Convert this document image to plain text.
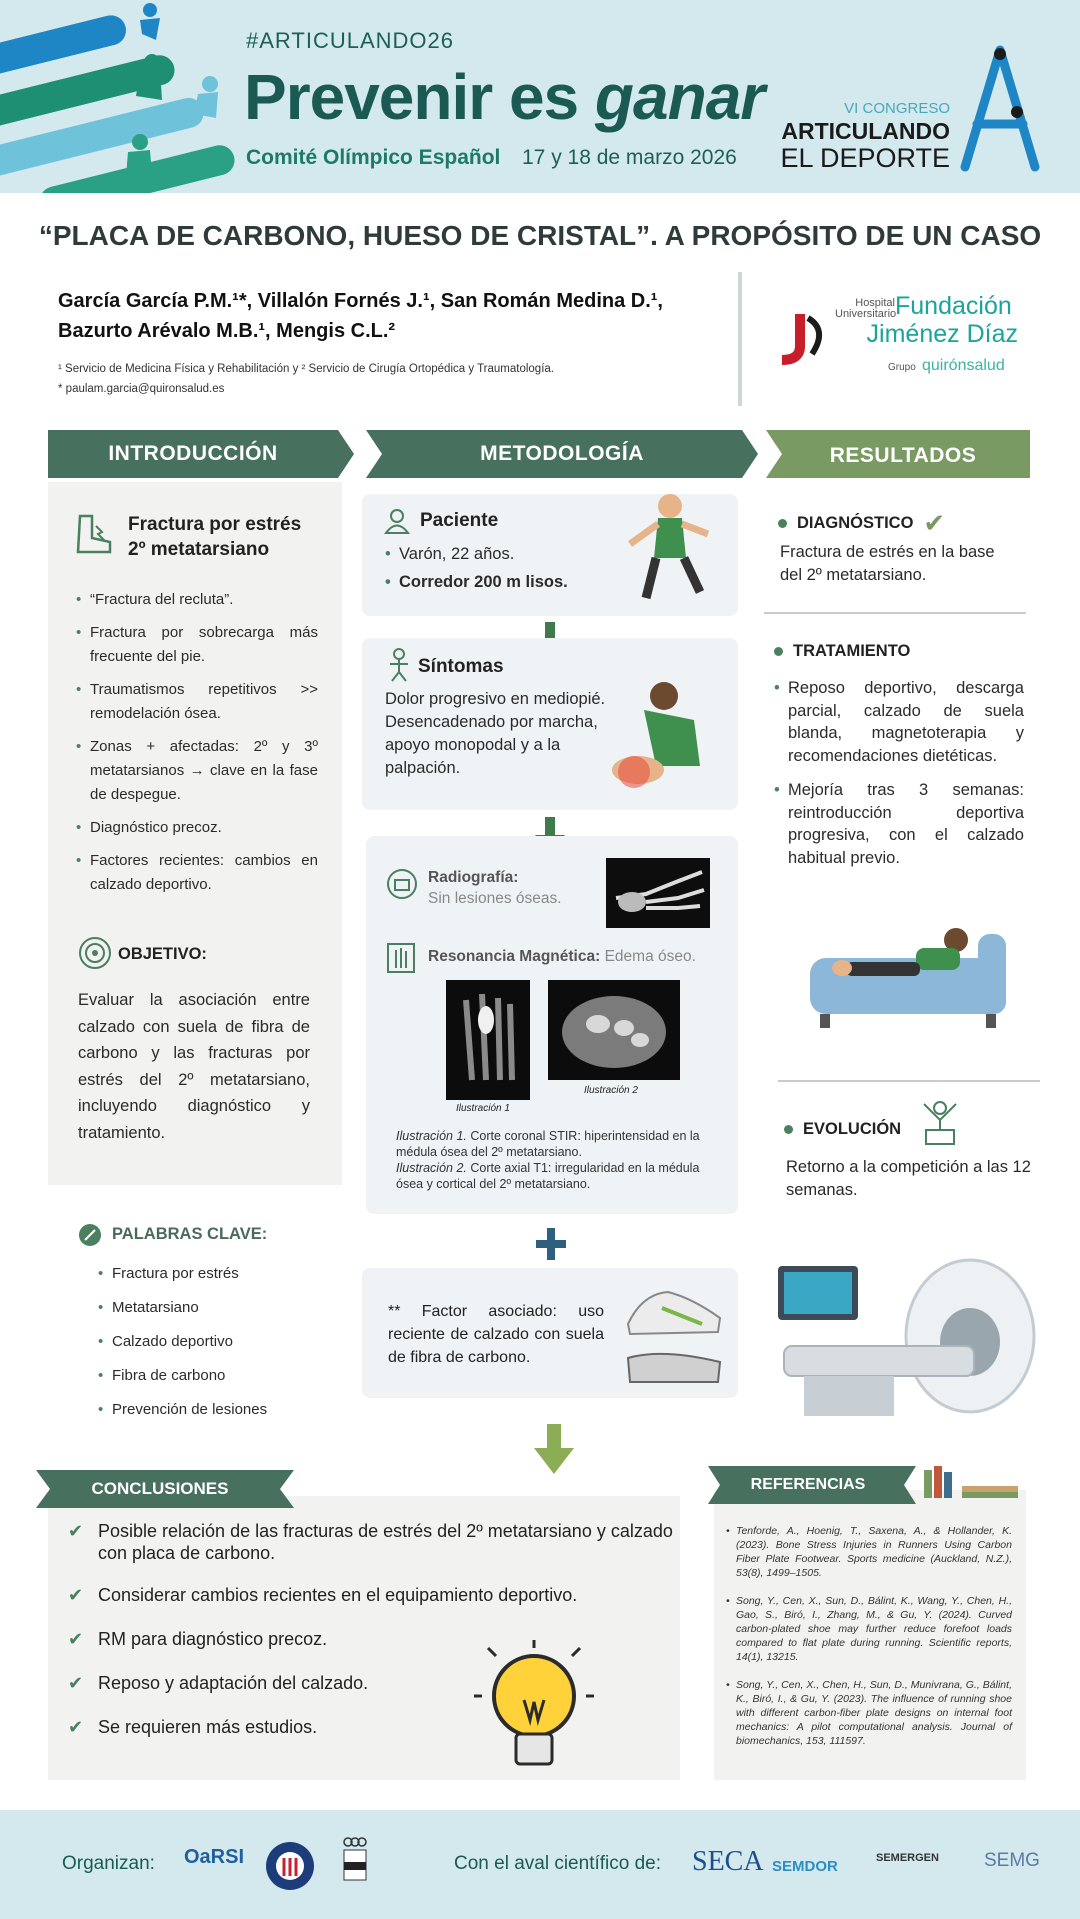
#ARTICULANDO26
Prevenir es ganar
Comité Olímpico Español 17 y 18 de marzo 2026
VI CONGRESO
ARTICULANDO
EL DEPORTE
“PLACA DE CARBONO, HUESO DE CRISTAL”. A PROPÓSITO DE UN CASO
García García P.M.¹*, Villalón Fornés J.¹, San Román Medina D.¹,
Bazurto Arévalo M.B.¹, Mengis C.L.²
¹ Servicio de Medicina Física y Rehabilitación y ² Servicio de Cirugía Ortopédica y Traumatología.
* paulam.garcia@quironsalud.es
Hospital Universitario
Fundación
Jiménez Díaz
Grupo quirónsalud
INTRODUCCIÓN
Fractura por estrés
2º metatarsiano
• “Fractura del recluta”.
• Fractura por sobrecarga más frecuente del pie.
• Traumatismos repetitivos >> remodelación ósea.
• Zonas + afectadas: 2º y 3º metatarsianos → clave en la fase de despegue.
• Diagnóstico precoz.
• Factores recientes: cambios en calzado deportivo.
OBJETIVO:
Evaluar la asociación entre calzado con suela de fibra de carbono y las fracturas por estrés del 2º metatarsiano, incluyendo diagnóstico y tratamiento.
PALABRAS CLAVE:
• Fractura por estrés
• Metatarsiano
• Calzado deportivo
• Fibra de carbono
• Prevención de lesiones
METODOLOGÍA
Paciente
• Varón, 22 años.
• Corredor 200 m lisos.
Síntomas
Dolor progresivo en mediopié. Desencadenado por marcha, apoyo monopodal y a la palpación.
Radiografía:
Sin lesiones óseas.
Resonancia Magnética: Edema óseo.
Ilustración 1
Ilustración 2
Ilustración 1. Corte coronal STIR: hiperintensidad en la médula ósea del 2º metatarsiano.
Ilustración 2. Corte axial T1: irregularidad en la médula ósea y cortical del 2º metatarsiano.
** Factor asociado: uso reciente de calzado con suela de fibra de carbono.
RESULTADOS
DIAGNÓSTICO ✔
Fractura de estrés en la base del 2º metatarsiano.
TRATAMIENTO
• Reposo deportivo, descarga parcial, calzado de suela blanda, magnetoterapia y recomendaciones dietéticas.
• Mejoría tras 3 semanas: reintroducción deportiva progresiva, con el calzado habitual previo.
EVOLUCIÓN
Retorno a la competición a las 12 semanas.
CONCLUSIONES
✔ Posible relación de las fracturas de estrés del 2º metatarsiano y calzado con placa de carbono.
✔ Considerar cambios recientes en el equipamiento deportivo.
✔ RM para diagnóstico precoz.
✔ Reposo y adaptación del calzado.
✔ Se requieren más estudios.
REFERENCIAS
• Tenforde, A., Hoenig, T., Saxena, A., & Hollander, K. (2023). Bone Stress Injuries in Runners Using Carbon Fiber Plate Footwear. Sports medicine (Auckland, N.Z.), 53(8), 1499–1505.
• Song, Y., Cen, X., Sun, D., Bálint, K., Wang, Y., Chen, H., Gao, S., Biró, I., Zhang, M., & Gu, Y. (2024). Curved carbon-plated shoe may further reduce forefoot loads compared to flat plate during running. Scientific reports, 14(1), 13215.
• Song, Y., Cen, X., Chen, H., Sun, D., Munivrana, G., Bálint, K., Biró, I., & Gu, Y. (2023). The influence of running shoe with different carbon-fiber plate designs on internal foot mechanics: A pilot computational analysis. Journal of biomechanics, 153, 111597.
Organizan: OaRSI	Con el aval científico de: SECA SEMDOR	SEMERGEN SEMG
